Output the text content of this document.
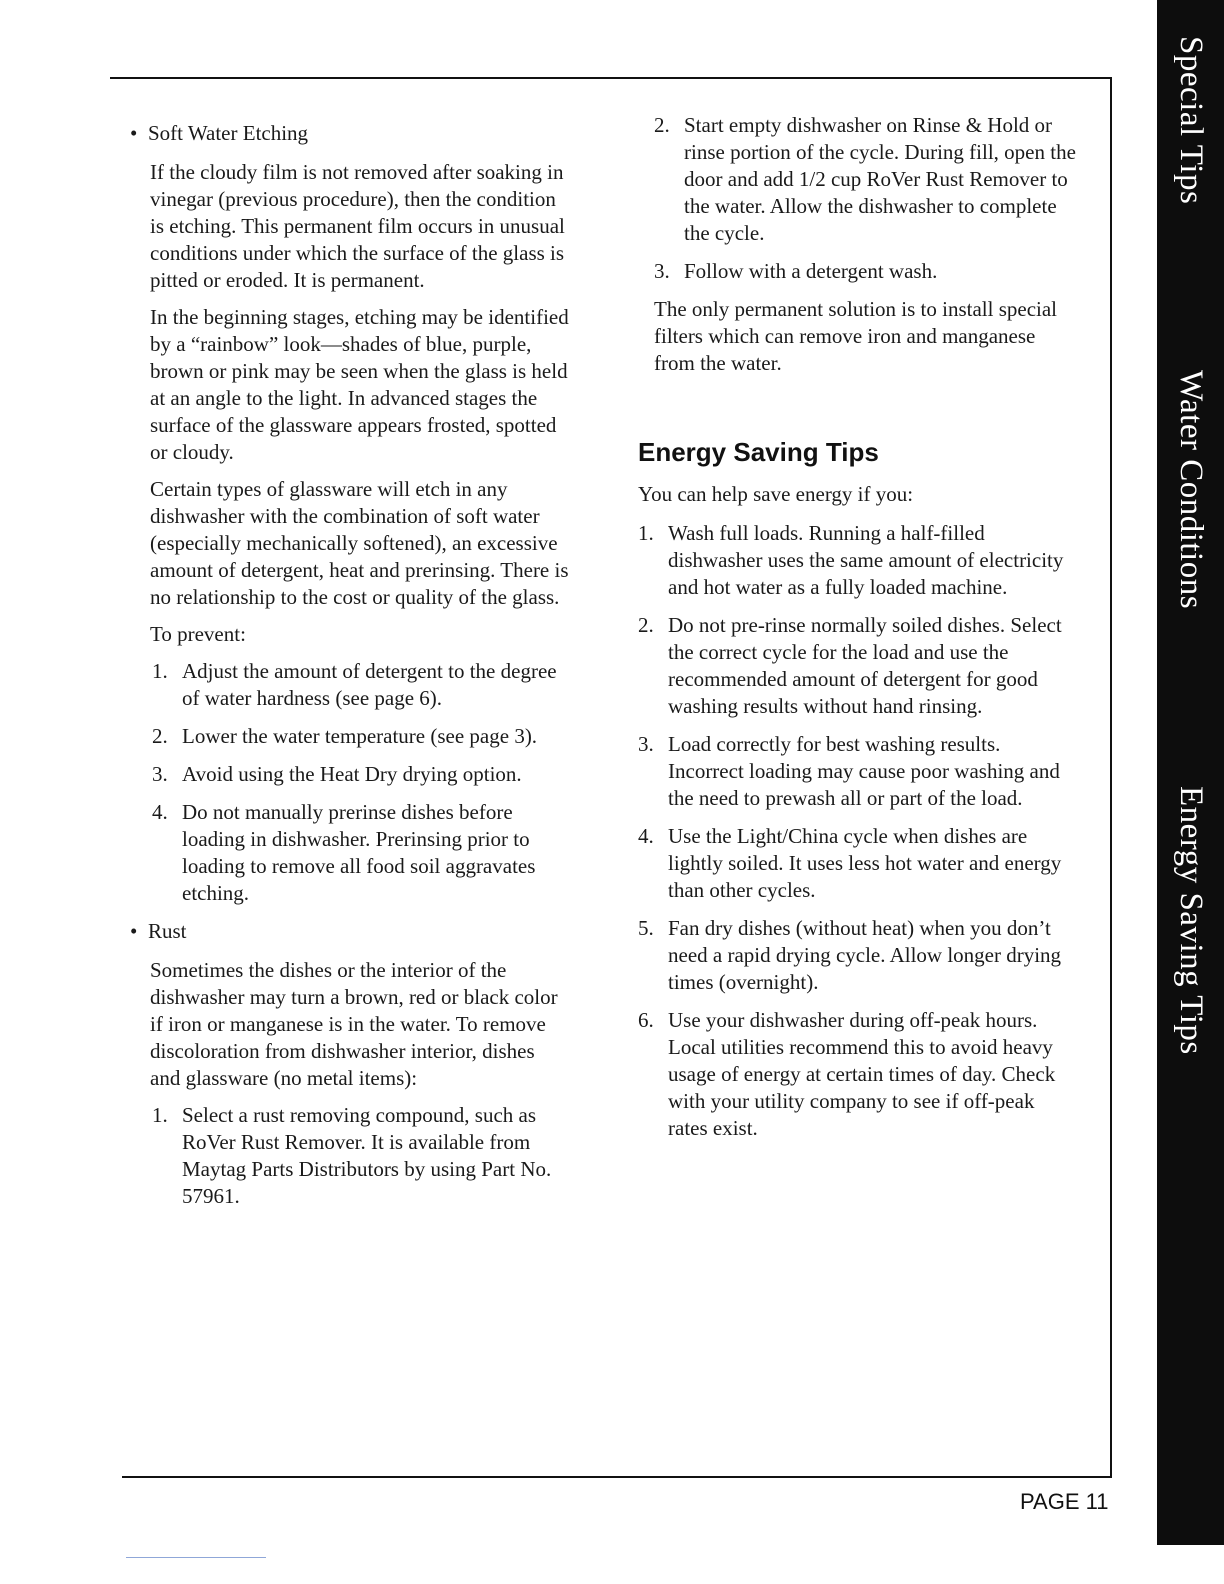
Special Tips
Water Conditions
Energy Saving Tips

• Soft Water Etching

If the cloudy film is not removed after soaking in vinegar (previous procedure), then the condition is etching. This permanent film occurs in unusual conditions under which the surface of the glass is pitted or eroded. It is permanent.

In the beginning stages, etching may be identified by a “rainbow” look—shades of blue, purple, brown or pink may be seen when the glass is held at an angle to the light. In advanced stages the surface of the glassware appears frosted, spotted or cloudy.

Certain types of glassware will etch in any dishwasher with the combination of soft water (especially mechanically softened), an excessive amount of detergent, heat and prerinsing. There is no relationship to the cost or quality of the glass.

To prevent:

1. Adjust the amount of detergent to the degree of water hardness (see page 6).
2. Lower the water temperature (see page 3).
3. Avoid using the Heat Dry drying option.
4. Do not manually prerinse dishes before loading in dishwasher. Prerinsing prior to loading to remove all food soil aggravates etching.

• Rust

Sometimes the dishes or the interior of the dishwasher may turn a brown, red or black color if iron or manganese is in the water. To remove discoloration from dishwasher interior, dishes and glassware (no metal items):

1. Select a rust removing compound, such as RoVer Rust Remover. It is available from Maytag Parts Distributors by using Part No. 57961.
2. Start empty dishwasher on Rinse & Hold or rinse portion of the cycle. During fill, open the door and add 1/2 cup RoVer Rust Remover to the water. Allow the dishwasher to complete the cycle.
3. Follow with a detergent wash.

The only permanent solution is to install special filters which can remove iron and manganese from the water.

Energy Saving Tips

You can help save energy if you:

1. Wash full loads. Running a half-filled dishwasher uses the same amount of electricity and hot water as a fully loaded machine.
2. Do not pre-rinse normally soiled dishes. Select the correct cycle for the load and use the recommended amount of detergent for good washing results without hand rinsing.
3. Load correctly for best washing results. Incorrect loading may cause poor washing and the need to prewash all or part of the load.
4. Use the Light/China cycle when dishes are lightly soiled. It uses less hot water and energy than other cycles.
5. Fan dry dishes (without heat) when you don’t need a rapid drying cycle. Allow longer drying times (overnight).
6. Use your dishwasher during off-peak hours. Local utilities recommend this to avoid heavy usage of energy at certain times of day. Check with your utility company to see if off-peak rates exist.
PAGE 11
